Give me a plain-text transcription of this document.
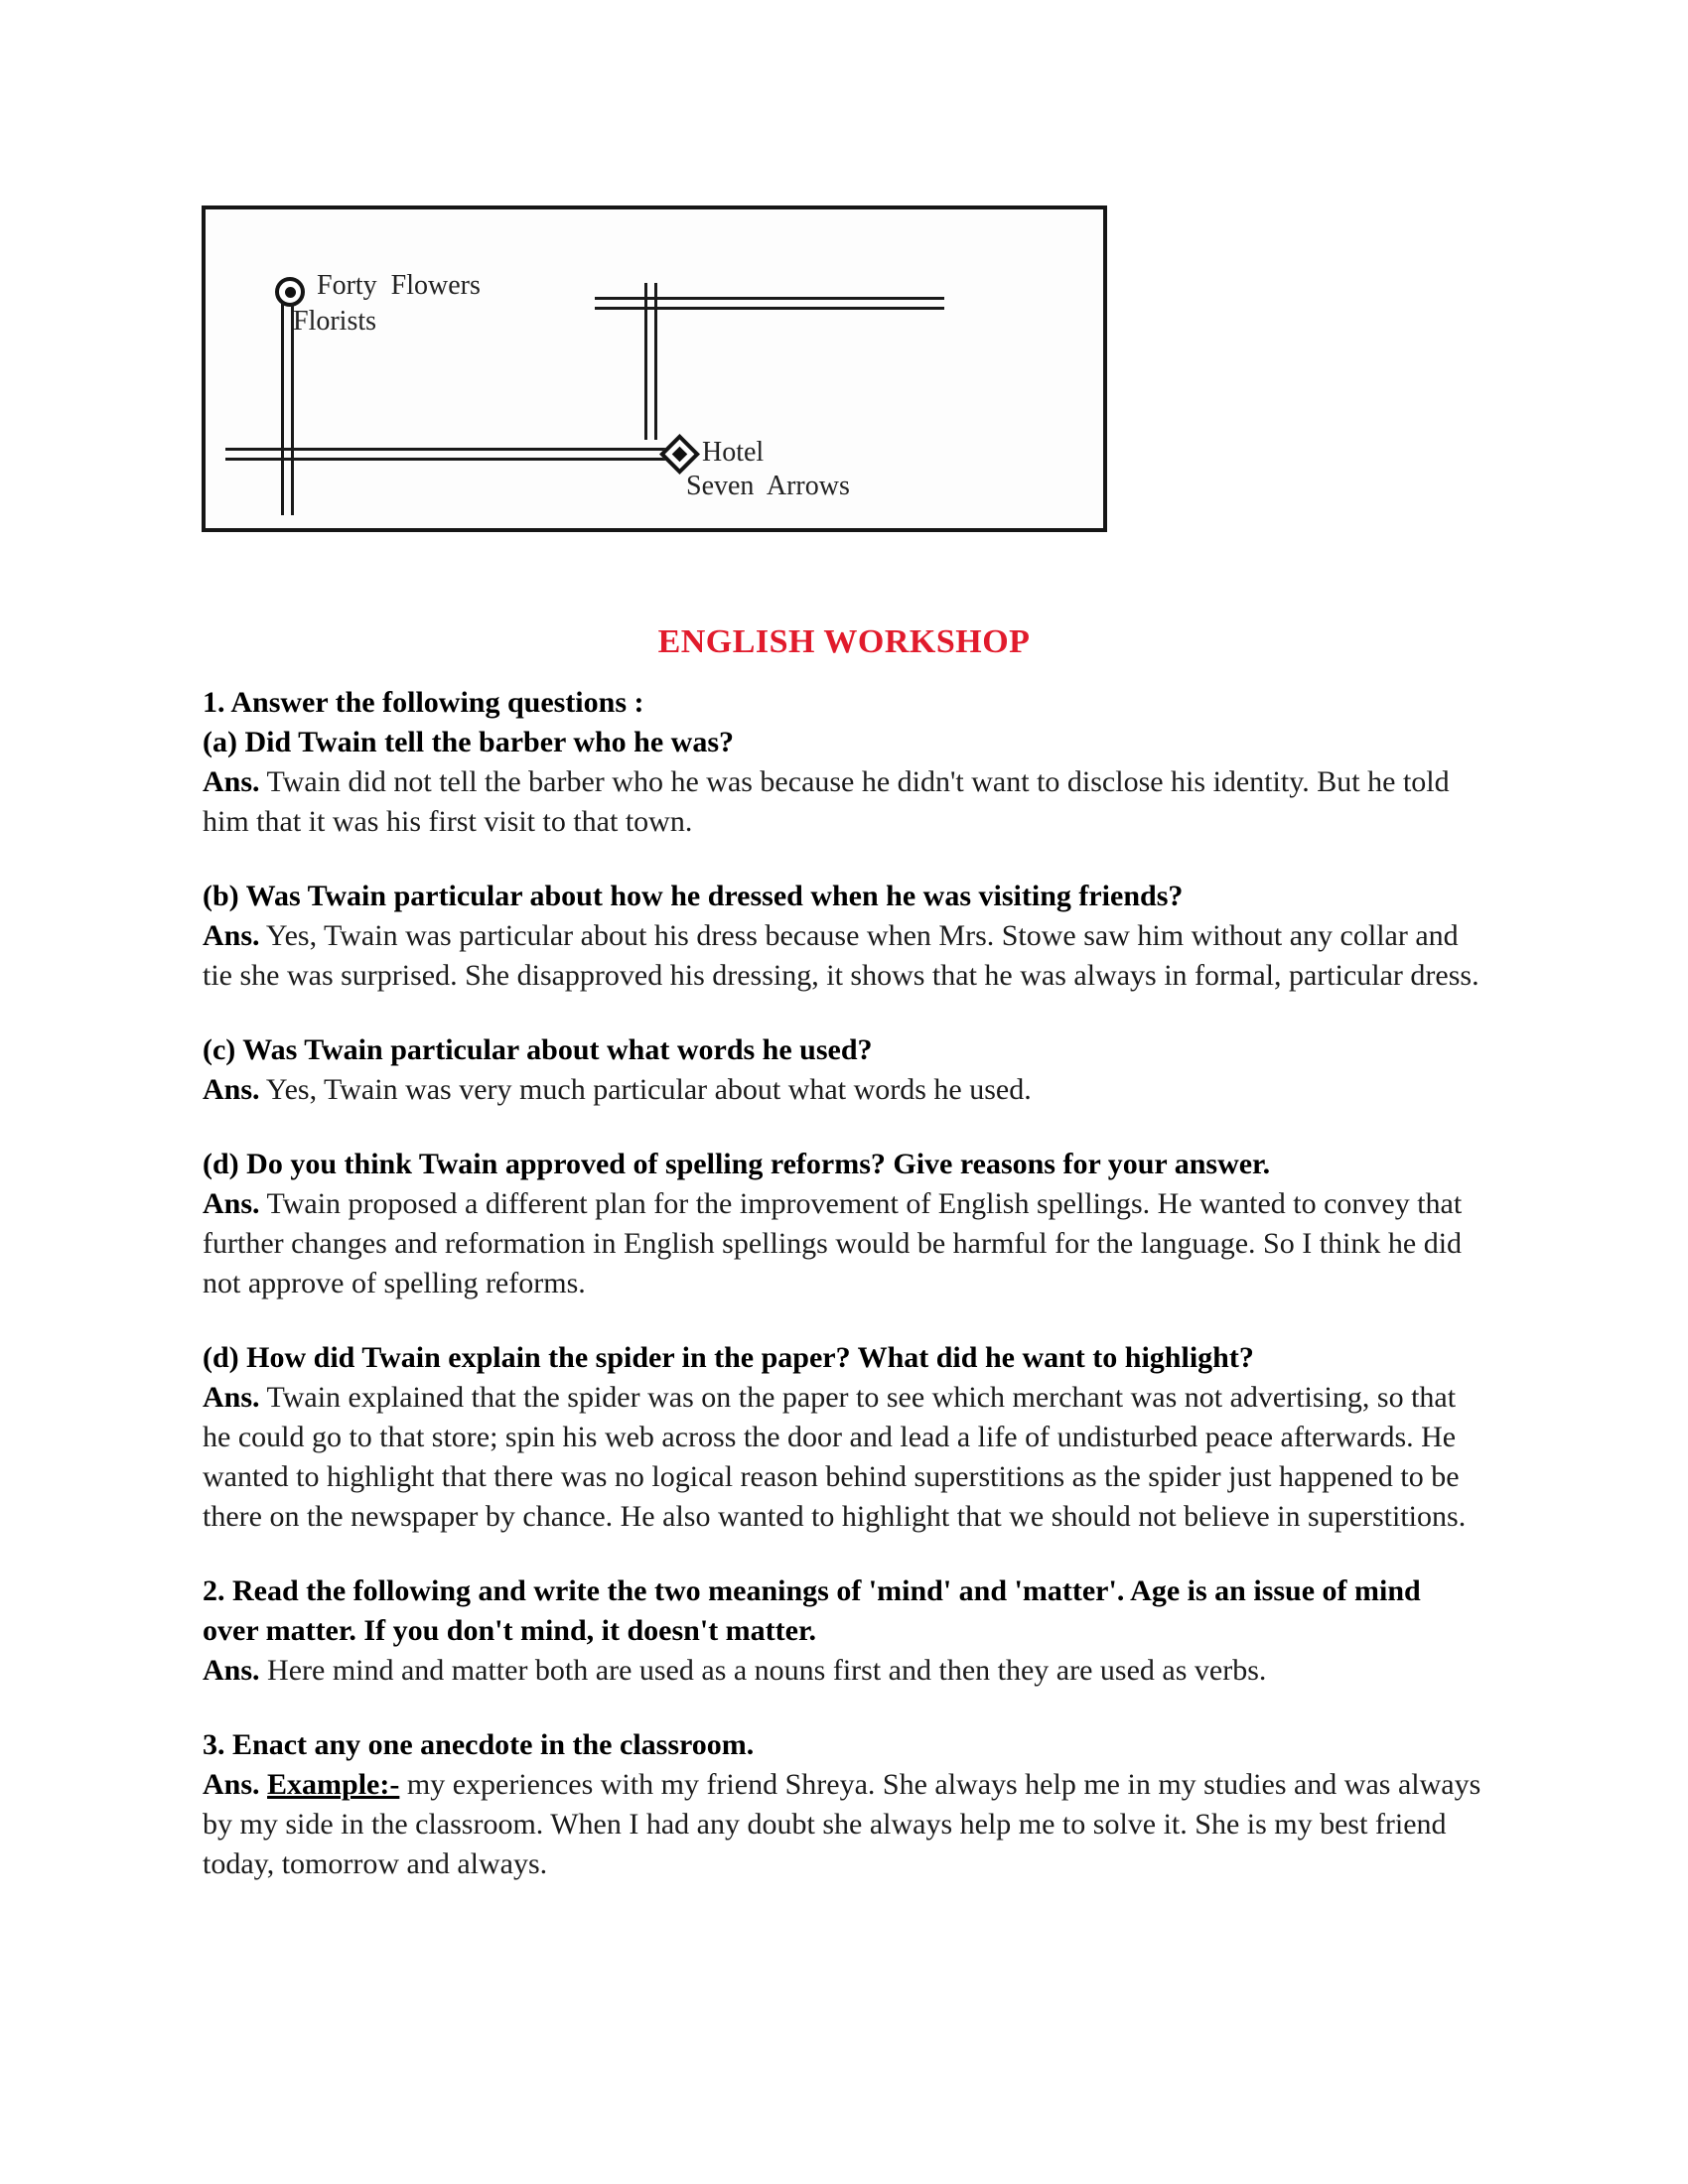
Forty Flowers
Florists
Hotel
Seven Arrows
ENGLISH WORKSHOP
1. Answer the following questions :
(a) Did Twain tell the barber who he was?
Ans. Twain did not tell the barber who he was because he didn't want to disclose his identity. But he told him that it was his first visit to that town.
(b) Was Twain particular about how he dressed when he was visiting friends?
Ans. Yes, Twain was particular about his dress because when Mrs. Stowe saw him without any collar and tie she was surprised. She disapproved his dressing, it shows that he was always in formal, particular dress.
(c) Was Twain particular about what words he used?
Ans. Yes, Twain was very much particular about what words he used.
(d) Do you think Twain approved of spelling reforms? Give reasons for your answer.
Ans. Twain proposed a different plan for the improvement of English spellings. He wanted to convey that further changes and reformation in English spellings would be harmful for the language. So I think he did not approve of spelling reforms.
(d) How did Twain explain the spider in the paper? What did he want to highlight?
Ans. Twain explained that the spider was on the paper to see which merchant was not advertising, so that he could go to that store; spin his web across the door and lead a life of undisturbed peace afterwards. He wanted to highlight that there was no logical reason behind superstitions as the spider just happened to be there on the newspaper by chance. He also wanted to highlight that we should not believe in superstitions.
2. Read the following and write the two meanings of 'mind' and 'matter'. Age is an issue of mind over matter. If you don't mind, it doesn't matter.
Ans. Here mind and matter both are used as a nouns first and then they are used as verbs.
3. Enact any one anecdote in the classroom.
Ans. Example:- my experiences with my friend Shreya. She always help me in my studies and was always by my side in the classroom. When I had any doubt she always help me to solve it. She is my best friend today, tomorrow and always.
